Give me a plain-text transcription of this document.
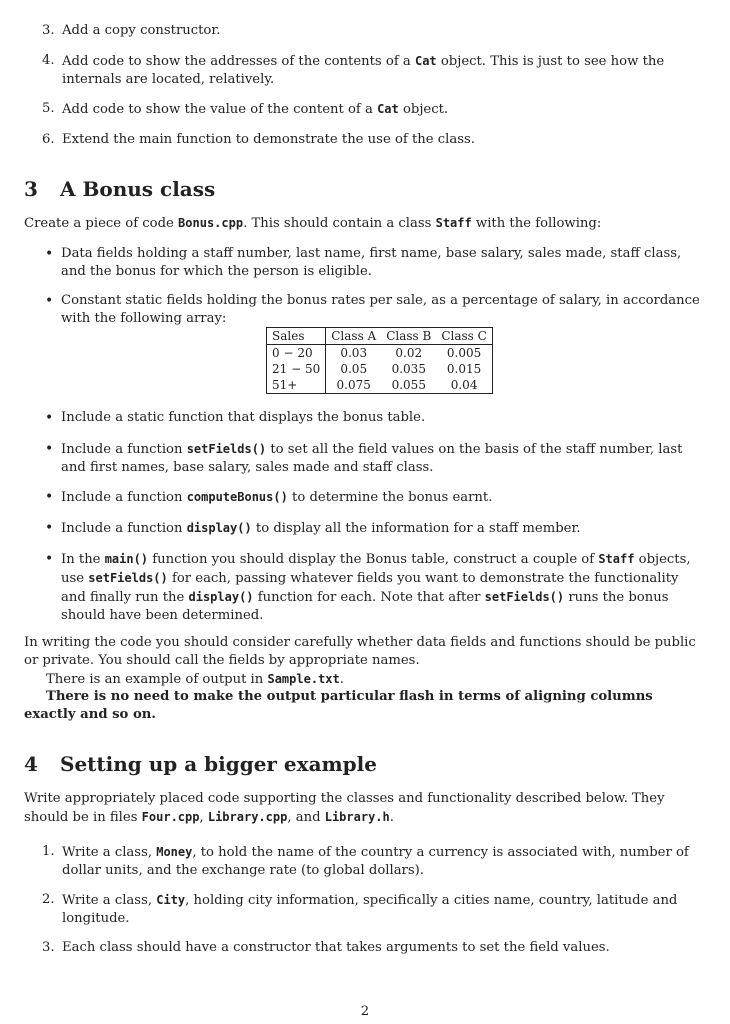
3. Add a copy constructor.
4. Add code to show the addresses of the contents of a Cat object. This is just to see how the internals are located, relatively.
5. Add code to show the value of the content of a Cat object.
6. Extend the main function to demonstrate the use of the class.
3 A Bonus class
Create a piece of code Bonus.cpp. This should contain a class Staff with the following:
• Data fields holding a staff number, last name, first name, base salary, sales made, staff class, and the bonus for which the person is eligible.
• Constant static fields holding the bonus rates per sale, as a percentage of salary, in accordance with the following array:
Sales	Class A	Class B	Class C
0 − 20	0.03	0.02	0.005
21 − 50	0.05	0.035	0.015
51+	0.075	0.055	0.04
• Include a static function that displays the bonus table.
• Include a function setFields() to set all the field values on the basis of the staff number, last and first names, base salary, sales made and staff class.
• Include a function computeBonus() to determine the bonus earnt.
• Include a function display() to display all the information for a staff member.
• In the main() function you should display the Bonus table, construct a couple of Staff objects, use setFields() for each, passing whatever fields you want to demonstrate the functionality and finally run the display() function for each. Note that after setFields() runs the bonus should have been determined.
In writing the code you should consider carefully whether data fields and functions should be public or private. You should call the fields by appropriate names.
There is an example of output in Sample.txt.
There is no need to make the output particular flash in terms of aligning columns exactly and so on.
4 Setting up a bigger example
Write appropriately placed code supporting the classes and functionality described below. They should be in files Four.cpp, Library.cpp, and Library.h.
1. Write a class, Money, to hold the name of the country a currency is associated with, number of dollar units, and the exchange rate (to global dollars).
2. Write a class, City, holding city information, specifically a cities name, country, latitude and longitude.
3. Each class should have a constructor that takes arguments to set the field values.
2
